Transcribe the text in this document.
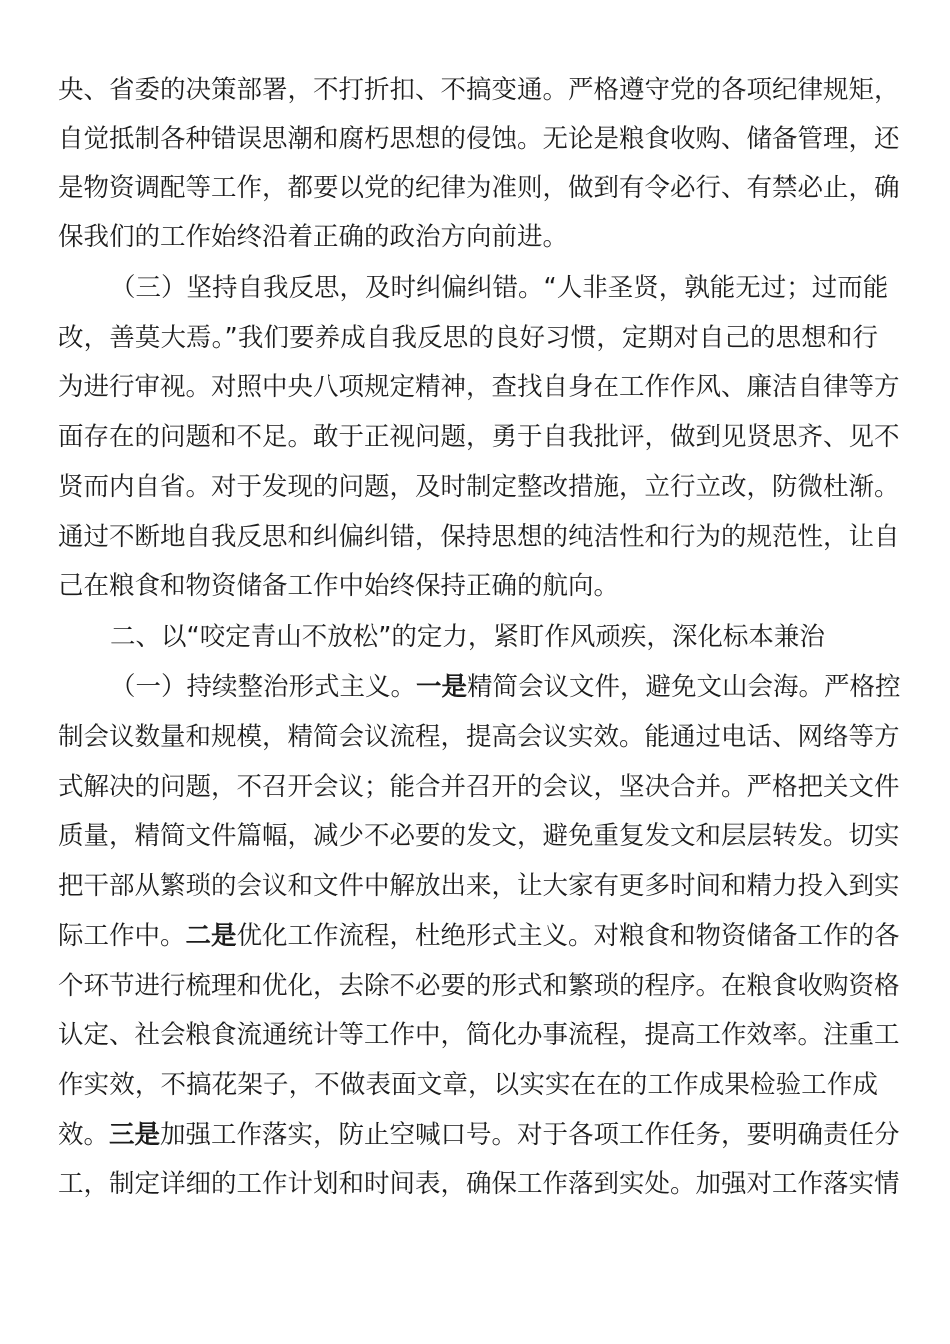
央、省委的决策部署，不打折扣、不搞变通。严格遵守党的各项纪律规矩，
自觉抵制各种错误思潮和腐朽思想的侵蚀。无论是粮食收购、储备管理，还
是物资调配等工作，都要以党的纪律为准则，做到有令必行、有禁必止，确
保我们的工作始终沿着正确的政治方向前进。
（三）坚持自我反思，及时纠偏纠错。“人非圣贤，孰能无过；过而能
改，善莫大焉。”我们要养成自我反思的良好习惯，定期对自己的思想和行
为进行审视。对照中央八项规定精神，查找自身在工作作风、廉洁自律等方
面存在的问题和不足。敢于正视问题，勇于自我批评，做到见贤思齐、见不
贤而内自省。对于发现的问题，及时制定整改措施，立行立改，防微杜渐。
通过不断地自我反思和纠偏纠错，保持思想的纯洁性和行为的规范性，让自
己在粮食和物资储备工作中始终保持正确的航向。
二、以“咬定青山不放松”的定力，紧盯作风顽疾，深化标本兼治
（一）持续整治形式主义。一是精简会议文件，避免文山会海。严格控
制会议数量和规模，精简会议流程，提高会议实效。能通过电话、网络等方
式解决的问题，不召开会议；能合并召开的会议，坚决合并。严格把关文件
质量，精简文件篇幅，减少不必要的发文，避免重复发文和层层转发。切实
把干部从繁琐的会议和文件中解放出来，让大家有更多时间和精力投入到实
际工作中。二是优化工作流程，杜绝形式主义。对粮食和物资储备工作的各
个环节进行梳理和优化，去除不必要的形式和繁琐的程序。在粮食收购资格
认定、社会粮食流通统计等工作中，简化办事流程，提高工作效率。注重工
作实效，不搞花架子，不做表面文章，以实实在在的工作成果检验工作成
效。三是加强工作落实，防止空喊口号。对于各项工作任务，要明确责任分
工，制定详细的工作计划和时间表，确保工作落到实处。加强对工作落实情
